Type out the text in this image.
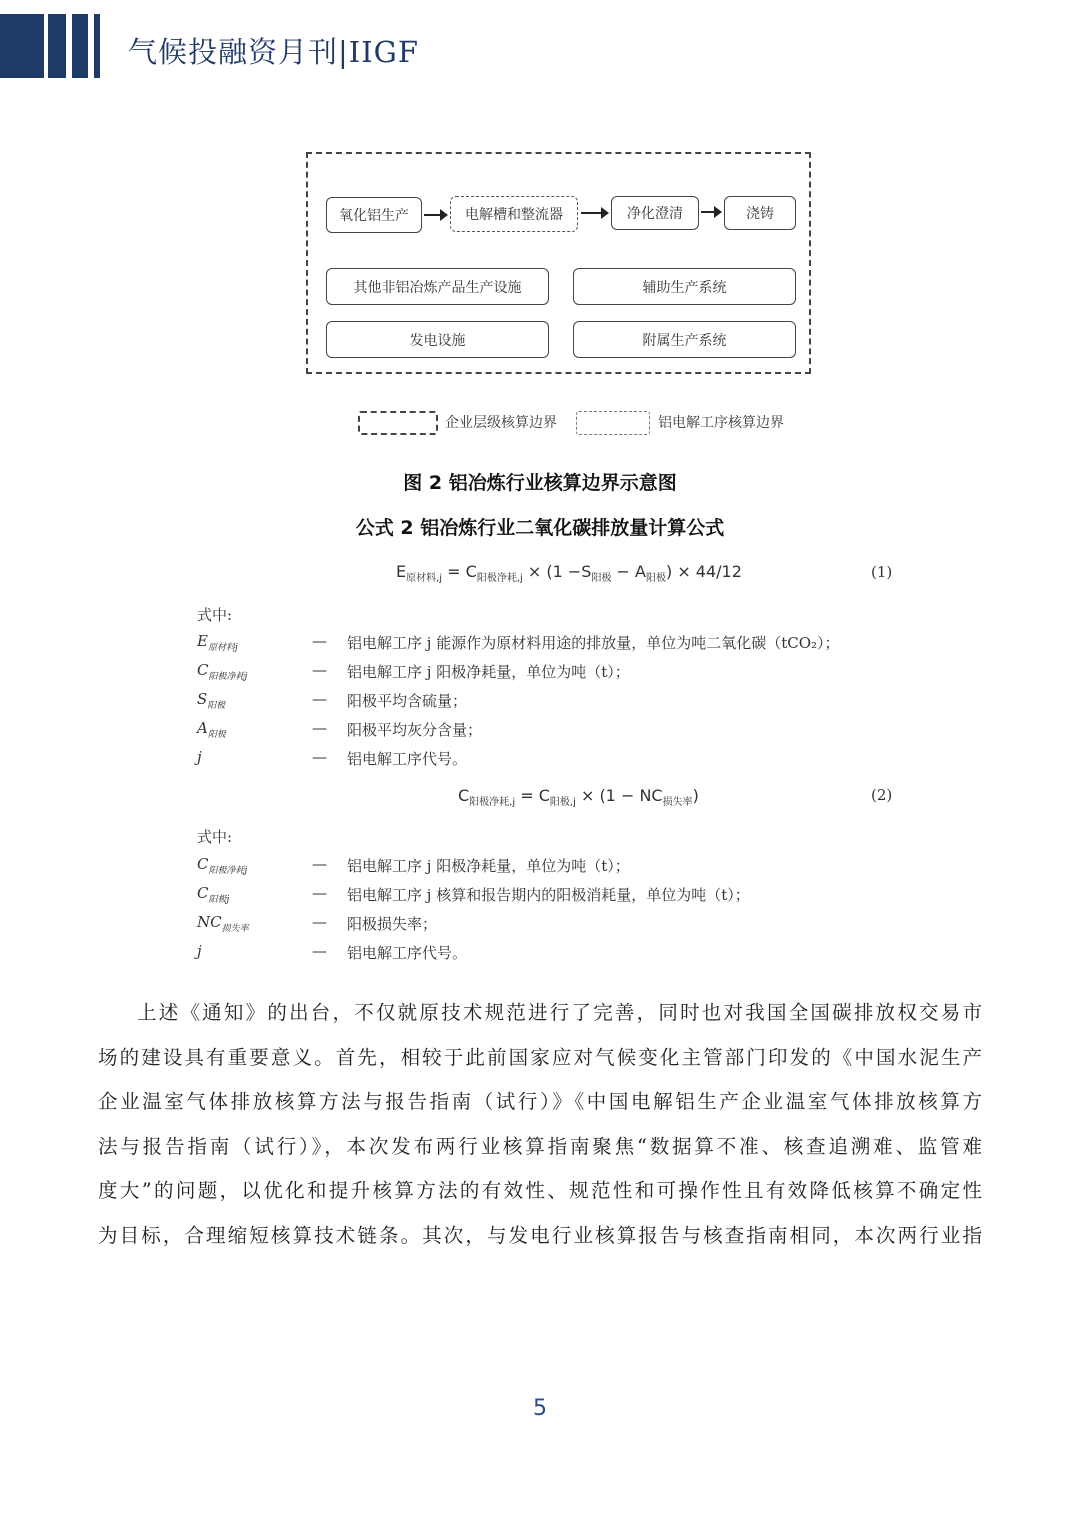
气候投融资月刊|IIGF
氧化铝生产	电解槽和整流器	净化澄清	浇铸
其他非铝冶炼产品生产设施	辅助生产系统
发电设施	附属生产系统
企业层级核算边界	铝电解工序核算边界
图 2 铝冶炼行业核算边界示意图
公式 2 铝冶炼行业二氧化碳排放量计算公式
$E_{原材料,j} = C_{阳极净耗,j} \times (1 -S_{阳极} - A_{阳极}) \times 44/12$	(1)
式中:
$E_{原材料j}$	— 铝电解工序 j 能源作为原材料用途的排放量，单位为吨二氧化碳（tCO₂）；
$C_{阳极净耗j}$	— 铝电解工序 j 阳极净耗量，单位为吨（t）；
$S_{阳极}$	— 阳极平均含硫量；
$A_{阳极}$	— 阳极平均灰分含量；
j	— 铝电解工序代号。
$C_{阳极净耗,j} = C_{阳极,j} \times (1 - NC_{损失率})$	(2)
式中:
$C_{阳极净耗j}$	— 铝电解工序 j 阳极净耗量，单位为吨（t）；
$C_{阳极j}$	— 铝电解工序 j 核算和报告期内的阳极消耗量，单位为吨（t）；
$NC_{损失率}$	— 阳极损失率；
j	— 铝电解工序代号。
上述《通知》的出台，不仅就原技术规范进行了完善，同时也对我国全国碳排放权交易市
场的建设具有重要意义。首先，相较于此前国家应对气候变化主管部门印发的《中国水泥生产
企业温室气体排放核算方法与报告指南（试行）》《中国电解铝生产企业温室气体排放核算方
法与报告指南（试行）》，本次发布两行业核算指南聚焦“数据算不准、核查追溯难、监管难
度大”的问题，以优化和提升核算方法的有效性、规范性和可操作性且有效降低核算不确定性
为目标，合理缩短核算技术链条。其次，与发电行业核算报告与核查指南相同，本次两行业指
5
